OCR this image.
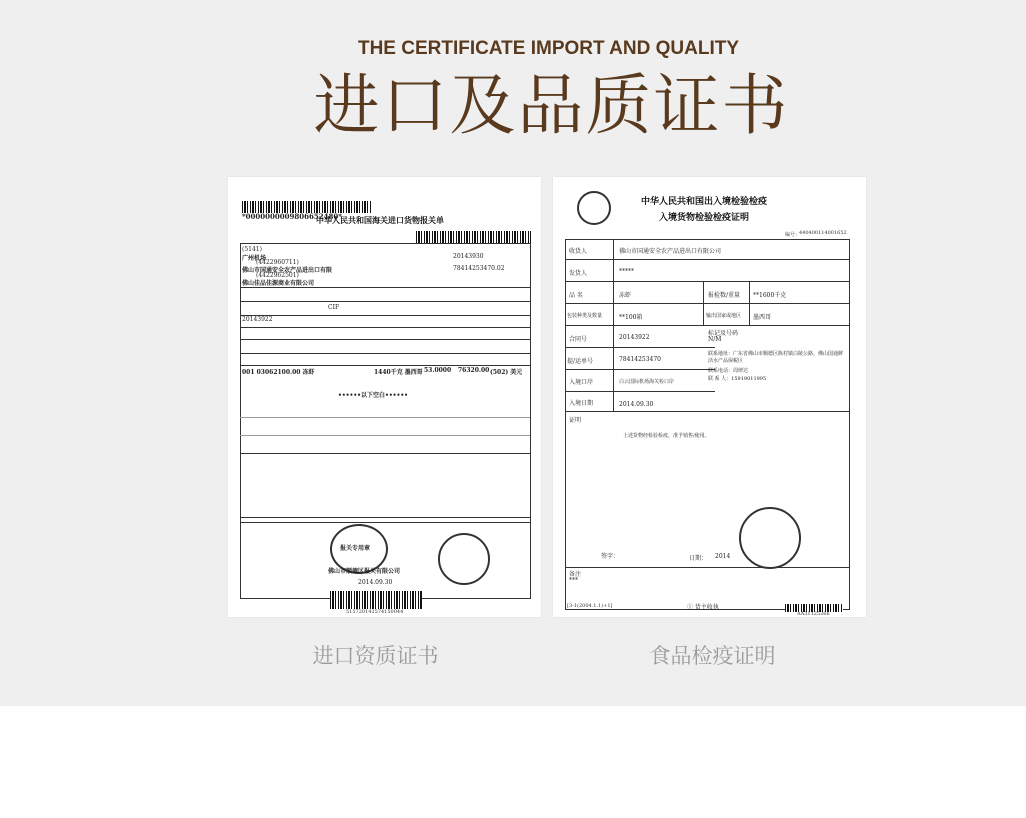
THE CERTIFICATE IMPORT AND QUALITY
进口及品质证书
*0000000009806652480*
中华人民共和国海关进口货物报关单
(5141)
广州机场
(4422960711)
佛山市国通安全农产品进出口有限
(4422962501)
佛山佳品佳源商业有限公司
20143930
78414253470.02
CIF
20143922
001 03062100.00 冻虾	1440千克 墨西哥 53.0000 76320.00 (502) 美元
••••••以下空白••••••
报关专用章
佛山市顺德区报关有限公司
2014.09.30
515720141574150044
中华人民共和国出入境检验检疫
入境货物检验检疫证明
编号：
440400114001652
收货人	佛山市国通安全农产品进出口有限公司
发货人	*****
品 名	冻虾	报检数/重量 **1600千克
包装种类及数量	**100箱	输出国家或地区 墨西哥
合同号	20143922
标记及号码
N/M
提/运单号	78414253470
联系地址：广东省佛山市顺德区陈村镇白陵公路、佛山国通鲜活水产品保税区
联系电话：周律达
联 系 人：15919011995
入境口岸	白云国际机场海关检口岸
入境日期	2014.09.30
证明
上述货物经检验检疫，准予销售/使用。
签字：	日期： 2014
备注
***
[3-1(2004.1.1)+1]	① 货主收执
AA31125266
进口资质证书	食品检疫证明
